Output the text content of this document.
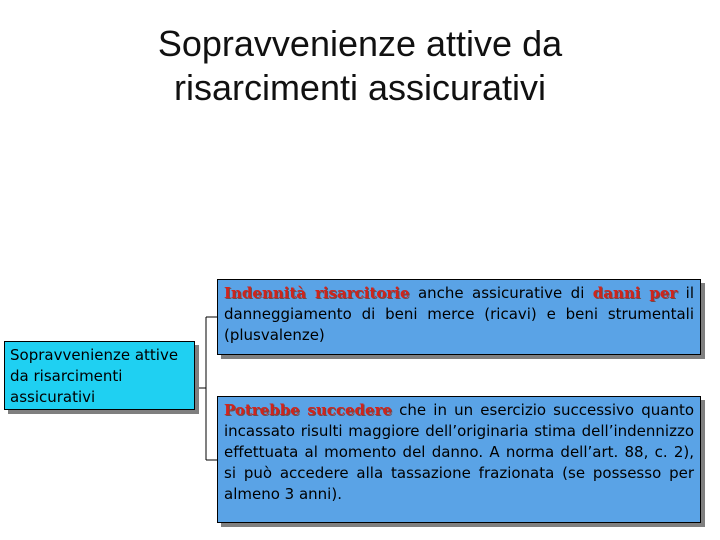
Sopravvenienze attive da
risarcimenti assicurativi
Sopravvenienze attive da risarcimenti assicurativi
Indennità risarcitorie anche assicurative di danni per il danneggiamento di beni merce (ricavi) e beni strumentali (plusvalenze)
Potrebbe succedere che in un esercizio successivo quanto incassato risulti maggiore dell’originaria stima dell’indennizzo effettuata al momento del danno. A norma dell’art. 88, c. 2), si può accedere alla tassazione frazionata (se possesso per almeno 3 anni).
